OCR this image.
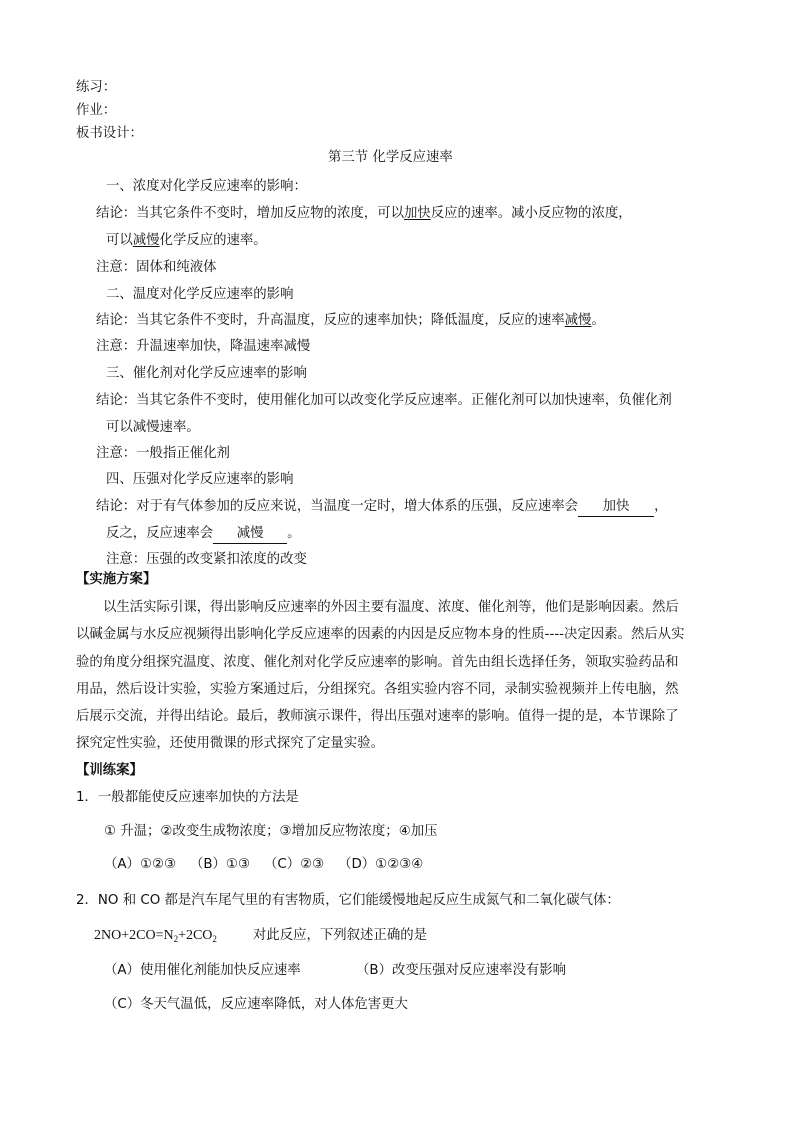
练习：
作业：
板书设计：
第三节 化学反应速率
一、浓度对化学反应速率的影响：
结论：当其它条件不变时，增加反应物的浓度，可以加快反应的速率。减小反应物的浓度，
可以减慢化学反应的速率。
注意：固体和纯液体
二、温度对化学反应速率的影响
结论：当其它条件不变时，升高温度，反应的速率加快；降低温度，反应的速率减慢。
注意：升温速率加快，降温速率减慢
三、催化剂对化学反应速率的影响
结论：当其它条件不变时，使用催化加可以改变化学反应速率。正催化剂可以加快速率，负催化剂
可以减慢速率。
注意：一般指正催化剂
四、压强对化学反应速率的影响
结论：对于有气体参加的反应来说，当温度一定时，增大体系的压强，反应速率会 加快 ，
反之，反应速率会 减慢 。
注意：压强的改变紧扣浓度的改变
【实施方案】
以生活实际引课，得出影响反应速率的外因主要有温度、浓度、催化剂等，他们是影响因素。然后
以碱金属与水反应视频得出影响化学反应速率的因素的内因是反应物本身的性质----决定因素。然后从实
验的角度分组探究温度、浓度、催化剂对化学反应速率的影响。首先由组长选择任务，领取实验药品和
用品，然后设计实验，实验方案通过后，分组探究。各组实验内容不同，录制实验视频并上传电脑，然
后展示交流，并得出结论。最后，教师演示课件，得出压强对速率的影响。值得一提的是，本节课除了
探究定性实验，还使用微课的形式探究了定量实验。
【训练案】
1．一般都能使反应速率加快的方法是
① 升温；②改变生成物浓度；③增加反应物浓度；④加压
（A）①②③ （B）①③ （C）②③ （D）①②③④
2．NO 和 CO 都是汽车尾气里的有害物质，它们能缓慢地起反应生成氮气和二氧化碳气体：
$2NO+2CO=N_2+2CO_2$	对此反应，下列叙述正确的是
（A）使用催化剂能加快反应速率	（B）改变压强对反应速率没有影响
（C）冬天气温低，反应速率降低，对人体危害更大
